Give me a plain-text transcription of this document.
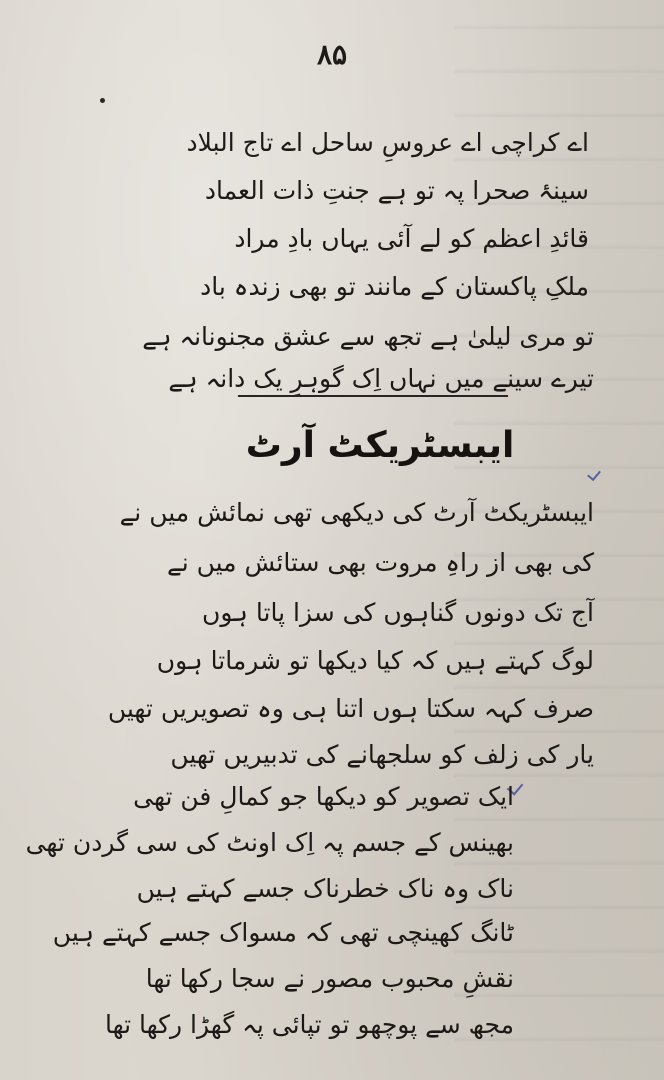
۸۵
اے کراچی اے عروسِ ساحل اے تاج البلاد
سینۂ صحرا پہ تو ہے جنتِ ذات العماد
قائدِ اعظم کو لے آئی یہاں بادِ مراد
ملکِ پاکستان کے مانند تو بھی زندہ باد
تو مری لیلیٰ ہے تجھ سے عشق مجنونانہ ہے
تیرے سینے میں نہاں اِک گوہرِ یک دانہ ہے
ایبسٹریکٹ آرٹ
ایبسٹریکٹ آرٹ کی دیکھی تھی نمائش میں نے
کی بھی از راہِ مروت بھی ستائش میں نے
آج تک دونوں گناہوں کی سزا پاتا ہوں
لوگ کہتے ہیں کہ کیا دیکھا تو شرماتا ہوں
صرف کہہ سکتا ہوں اتنا ہی وہ تصویریں تھیں
یار کی زلف کو سلجھانے کی تدبیریں تھیں
ایک تصویر کو دیکھا جو کمالِ فن تھی
بھینس کے جسم پہ اِک اونٹ کی سی گردن تھی
ناک وہ ناک خطرناک جسے کہتے ہیں
ٹانگ کھینچی تھی کہ مسواک جسے کہتے ہیں
نقشِ محبوب مصور نے سجا رکھا تھا
مجھ سے پوچھو تو تپائی پہ گھڑا رکھا تھا
